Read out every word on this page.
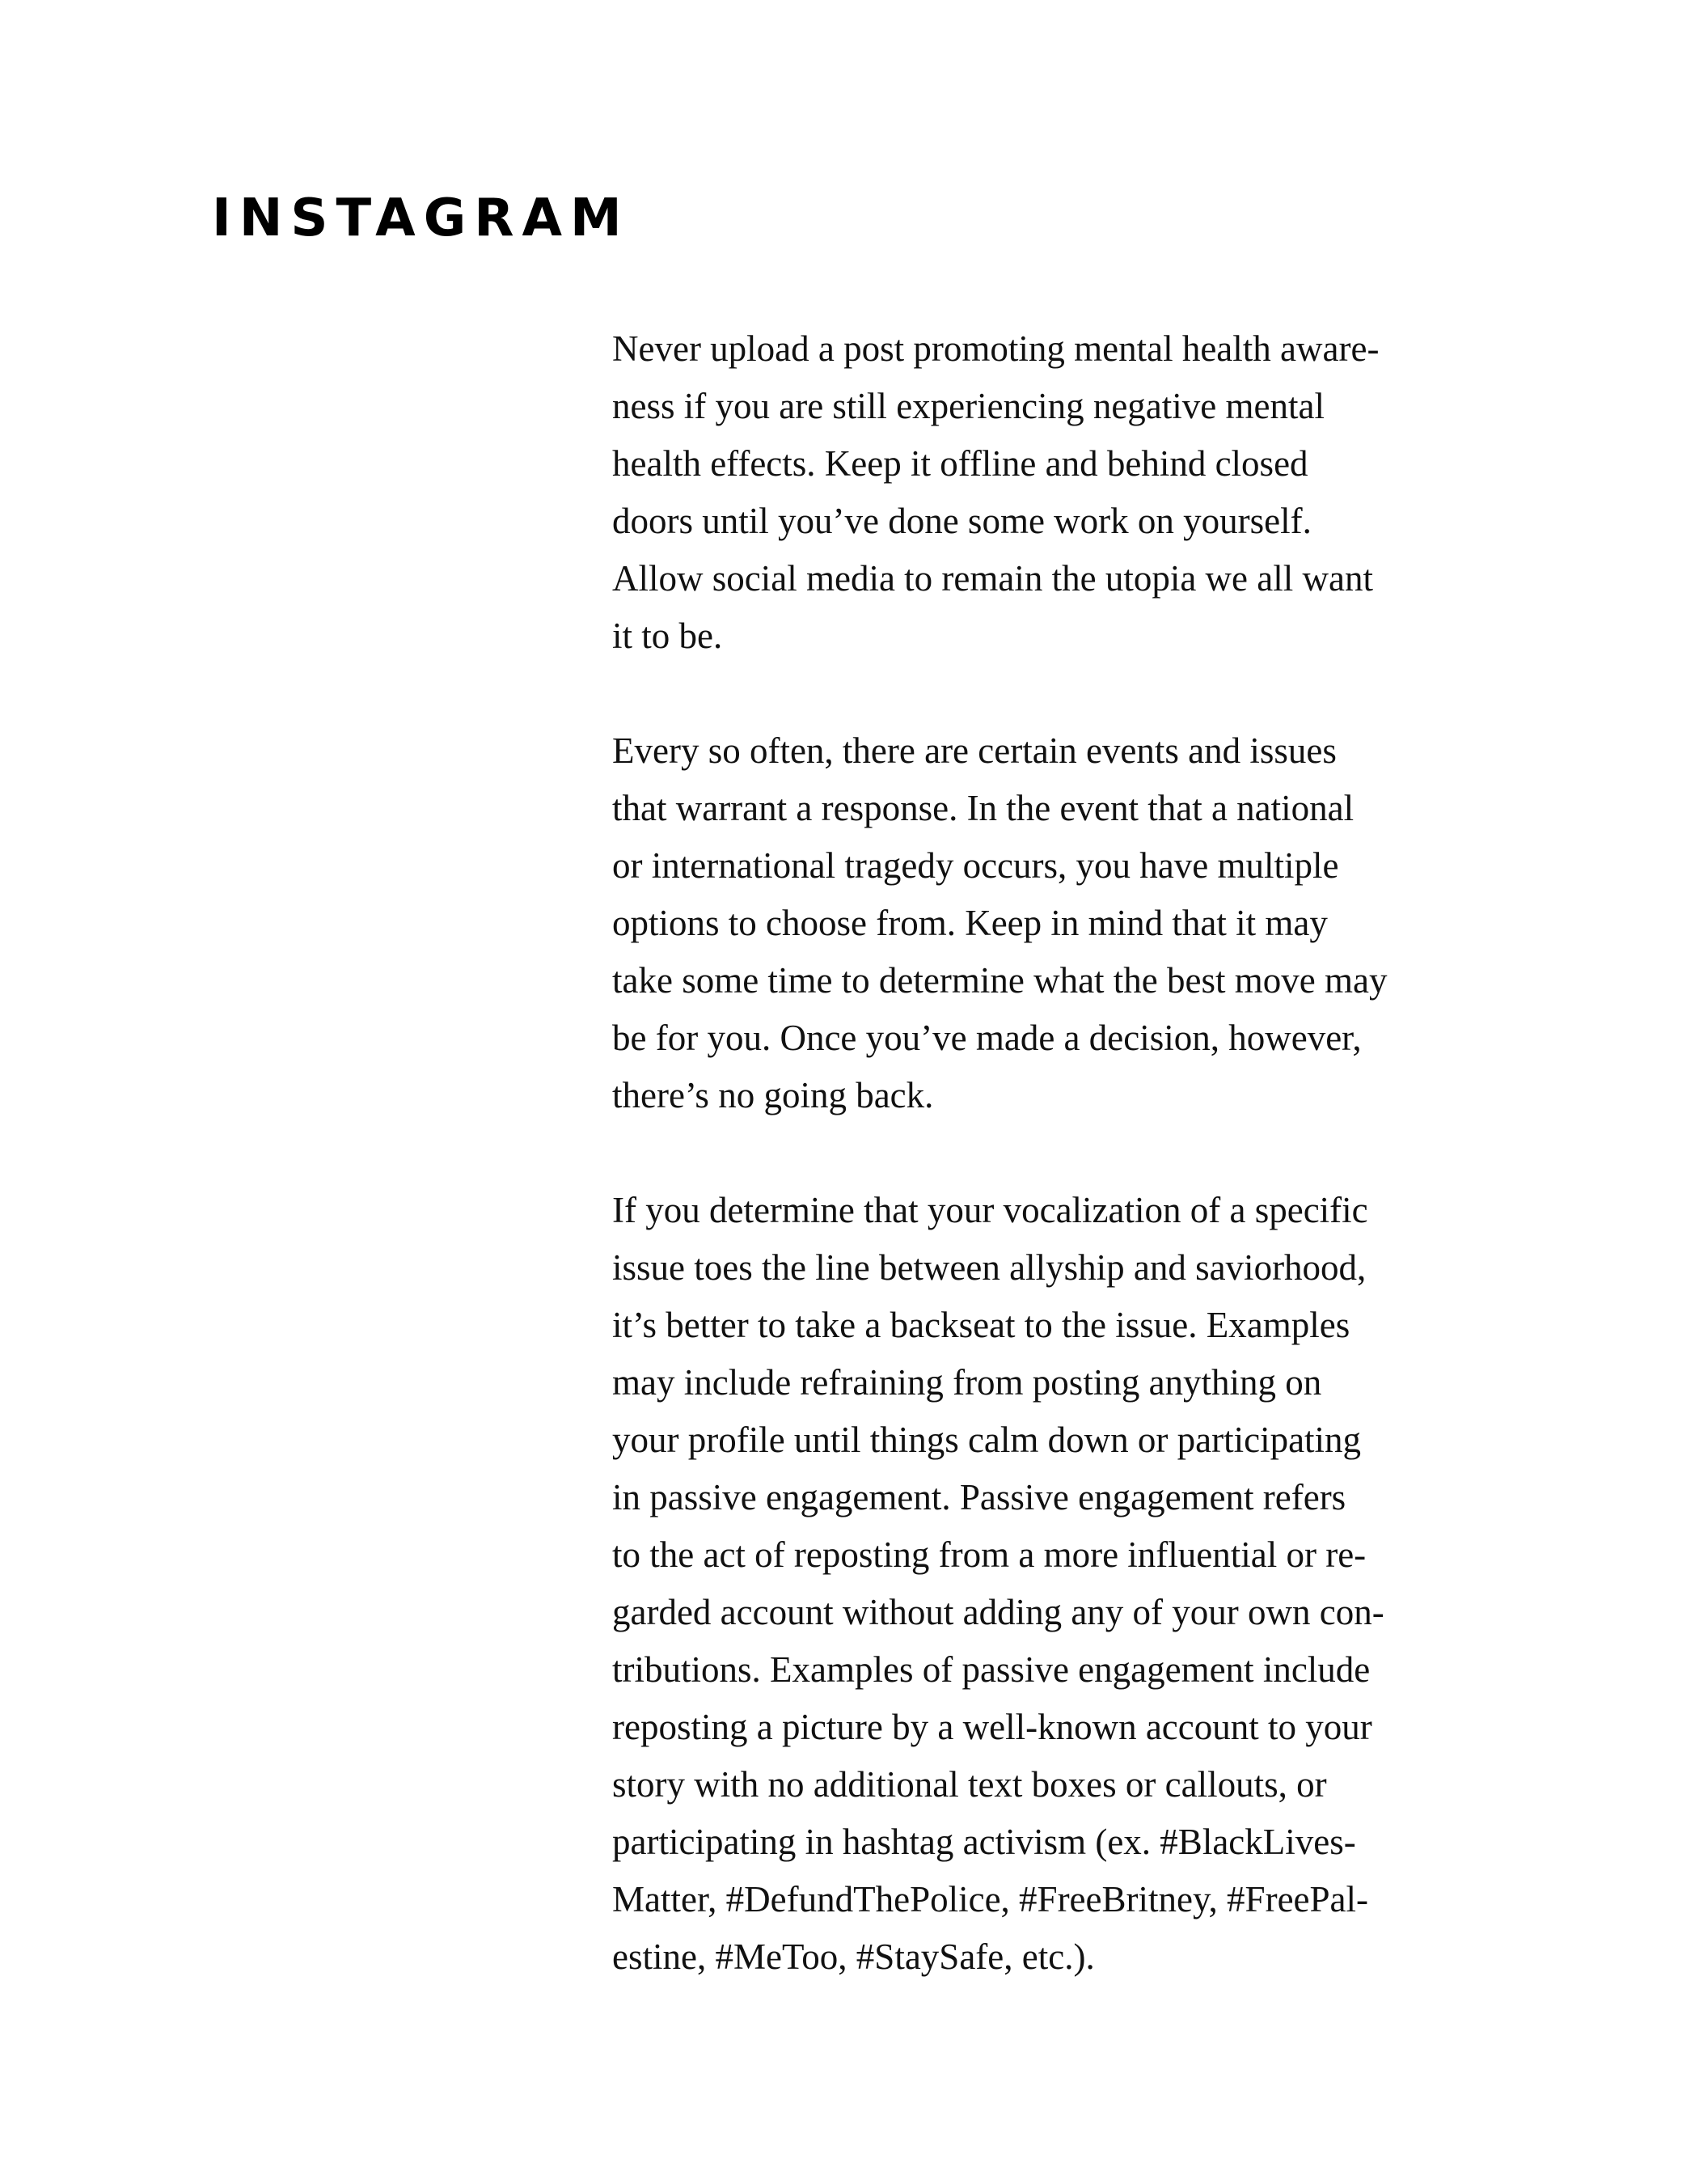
INSTAGRAM

Never upload a post promoting mental health aware-
ness if you are still experiencing negative mental
health effects. Keep it offline and behind closed
doors until you’ve done some work on yourself.
Allow social media to remain the utopia we all want
it to be.

Every so often, there are certain events and issues
that warrant a response. In the event that a national
or international tragedy occurs, you have multiple
options to choose from. Keep in mind that it may
take some time to determine what the best move may
be for you. Once you’ve made a decision, however,
there’s no going back.

If you determine that your vocalization of a specific
issue toes the line between allyship and saviorhood,
it’s better to take a backseat to the issue. Examples
may include refraining from posting anything on
your profile until things calm down or participating
in passive engagement. Passive engagement refers
to the act of reposting from a more influential or re-
garded account without adding any of your own con-
tributions. Examples of passive engagement include
reposting a picture by a well-known account to your
story with no additional text boxes or callouts, or
participating in hashtag activism (ex. #BlackLives-
Matter, #DefundThePolice, #FreeBritney, #FreePal-
estine, #MeToo, #StaySafe, etc.).
